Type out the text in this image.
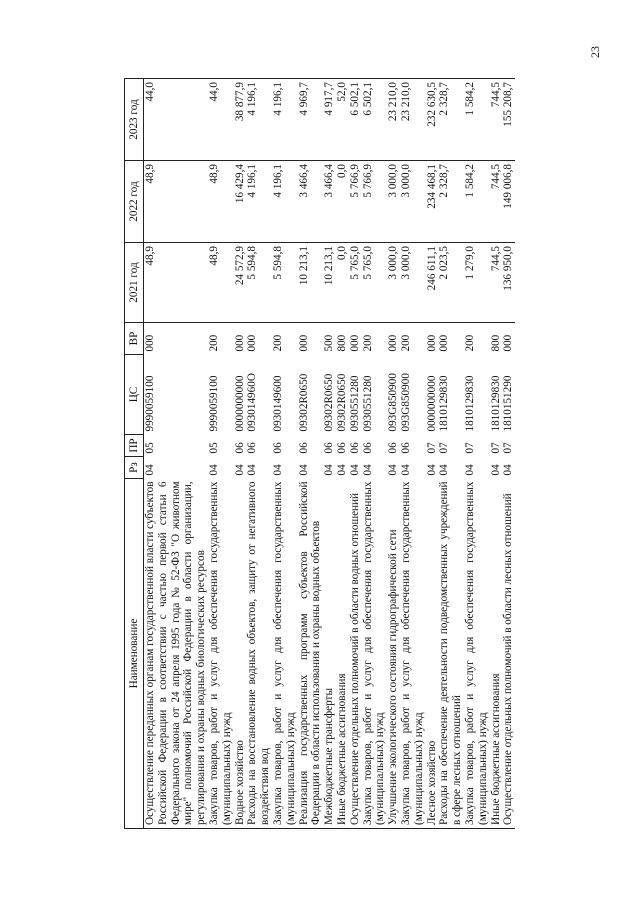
23
Наименование	Рз	ПР	ЦС	ВР	2021 год	2022 год	2023 год
Осуществление переданных органам государственной власти субъектов Российской Федерации в соответствии с частью первой статьи 6 Федерального закона от 24 апреля 1995 года № 52-ФЗ "О животном мире" полномочий Российской Федерации в области организации, регулирования и охраны водных биологических ресурсов	04	05	9990059100	000	48,9	48,9	44,0
Закупка товаров, работ и услуг для обеспечения государственных (муниципальных) нужд	04	05	9990059100	200	48,9	48,9	44,0
Водное хозяйство	04	06	0000000000	000	24 572,9	16 429,4	38 877,9
Расходы на восстановление водных объектов, защиту от негативного воздействия вод	04	06	093014960О	000	5 594,8	4 196,1	4 196,1
Закупка товаров, работ и услуг для обеспечения государственных (муниципальных) нужд	04	06	0930149600	200	5 594,8	4 196,1	4 196,1
Реализация государственных программ субъектов Российской Федерации в области использования и охраны водных объектов	04	06	09302R0650	000	10 213,1	3 466,4	4 969,7
Межбюджетные трансферты	04	06	09302R0650	500	10 213,1	3 466,4	4 917,7
Иные бюджетные ассигнования	04	06	09302R0650	800	0,0	0,0	52,0
Осуществление отдельных полномочий в области водных отношений	04	06	0930551280	000	5 765,0	5 766,9	6 502,1
Закупка товаров, работ и услуг для обеспечения государственных (муниципальных) нужд	04	06	0930551280	200	5 765,0	5 766,9	6 502,1
Улучшение экологического состояния гидрографической сети	04	06	093G850900	000	3 000,0	3 000,0	23 210,0
Закупка товаров, работ и услуг для обеспечения государственных (муниципальных) нужд	04	06	093G850900	200	3 000,0	3 000,0	23 210,0
Лесное хозяйство	04	07	0000000000	000	246 611,1	234 468,1	232 630,5
Расходы на обеспечение деятельности подведомственных учреждений в сфере лесных отношений	04	07	1810129830	000	2 023,5	2 328,7	2 328,7
Закупка товаров, работ и услуг для обеспечения государственных (муниципальных) нужд	04	07	1810129830	200	1 279,0	1 584,2	1 584,2
Иные бюджетные ассигнования	04	07	1810129830	800	744,5	744,5	744,5
Осуществление отдельных полномочий в области лесных отношений	04	07	1810151290	000	136 950,0	149 006,8	155 208,7
